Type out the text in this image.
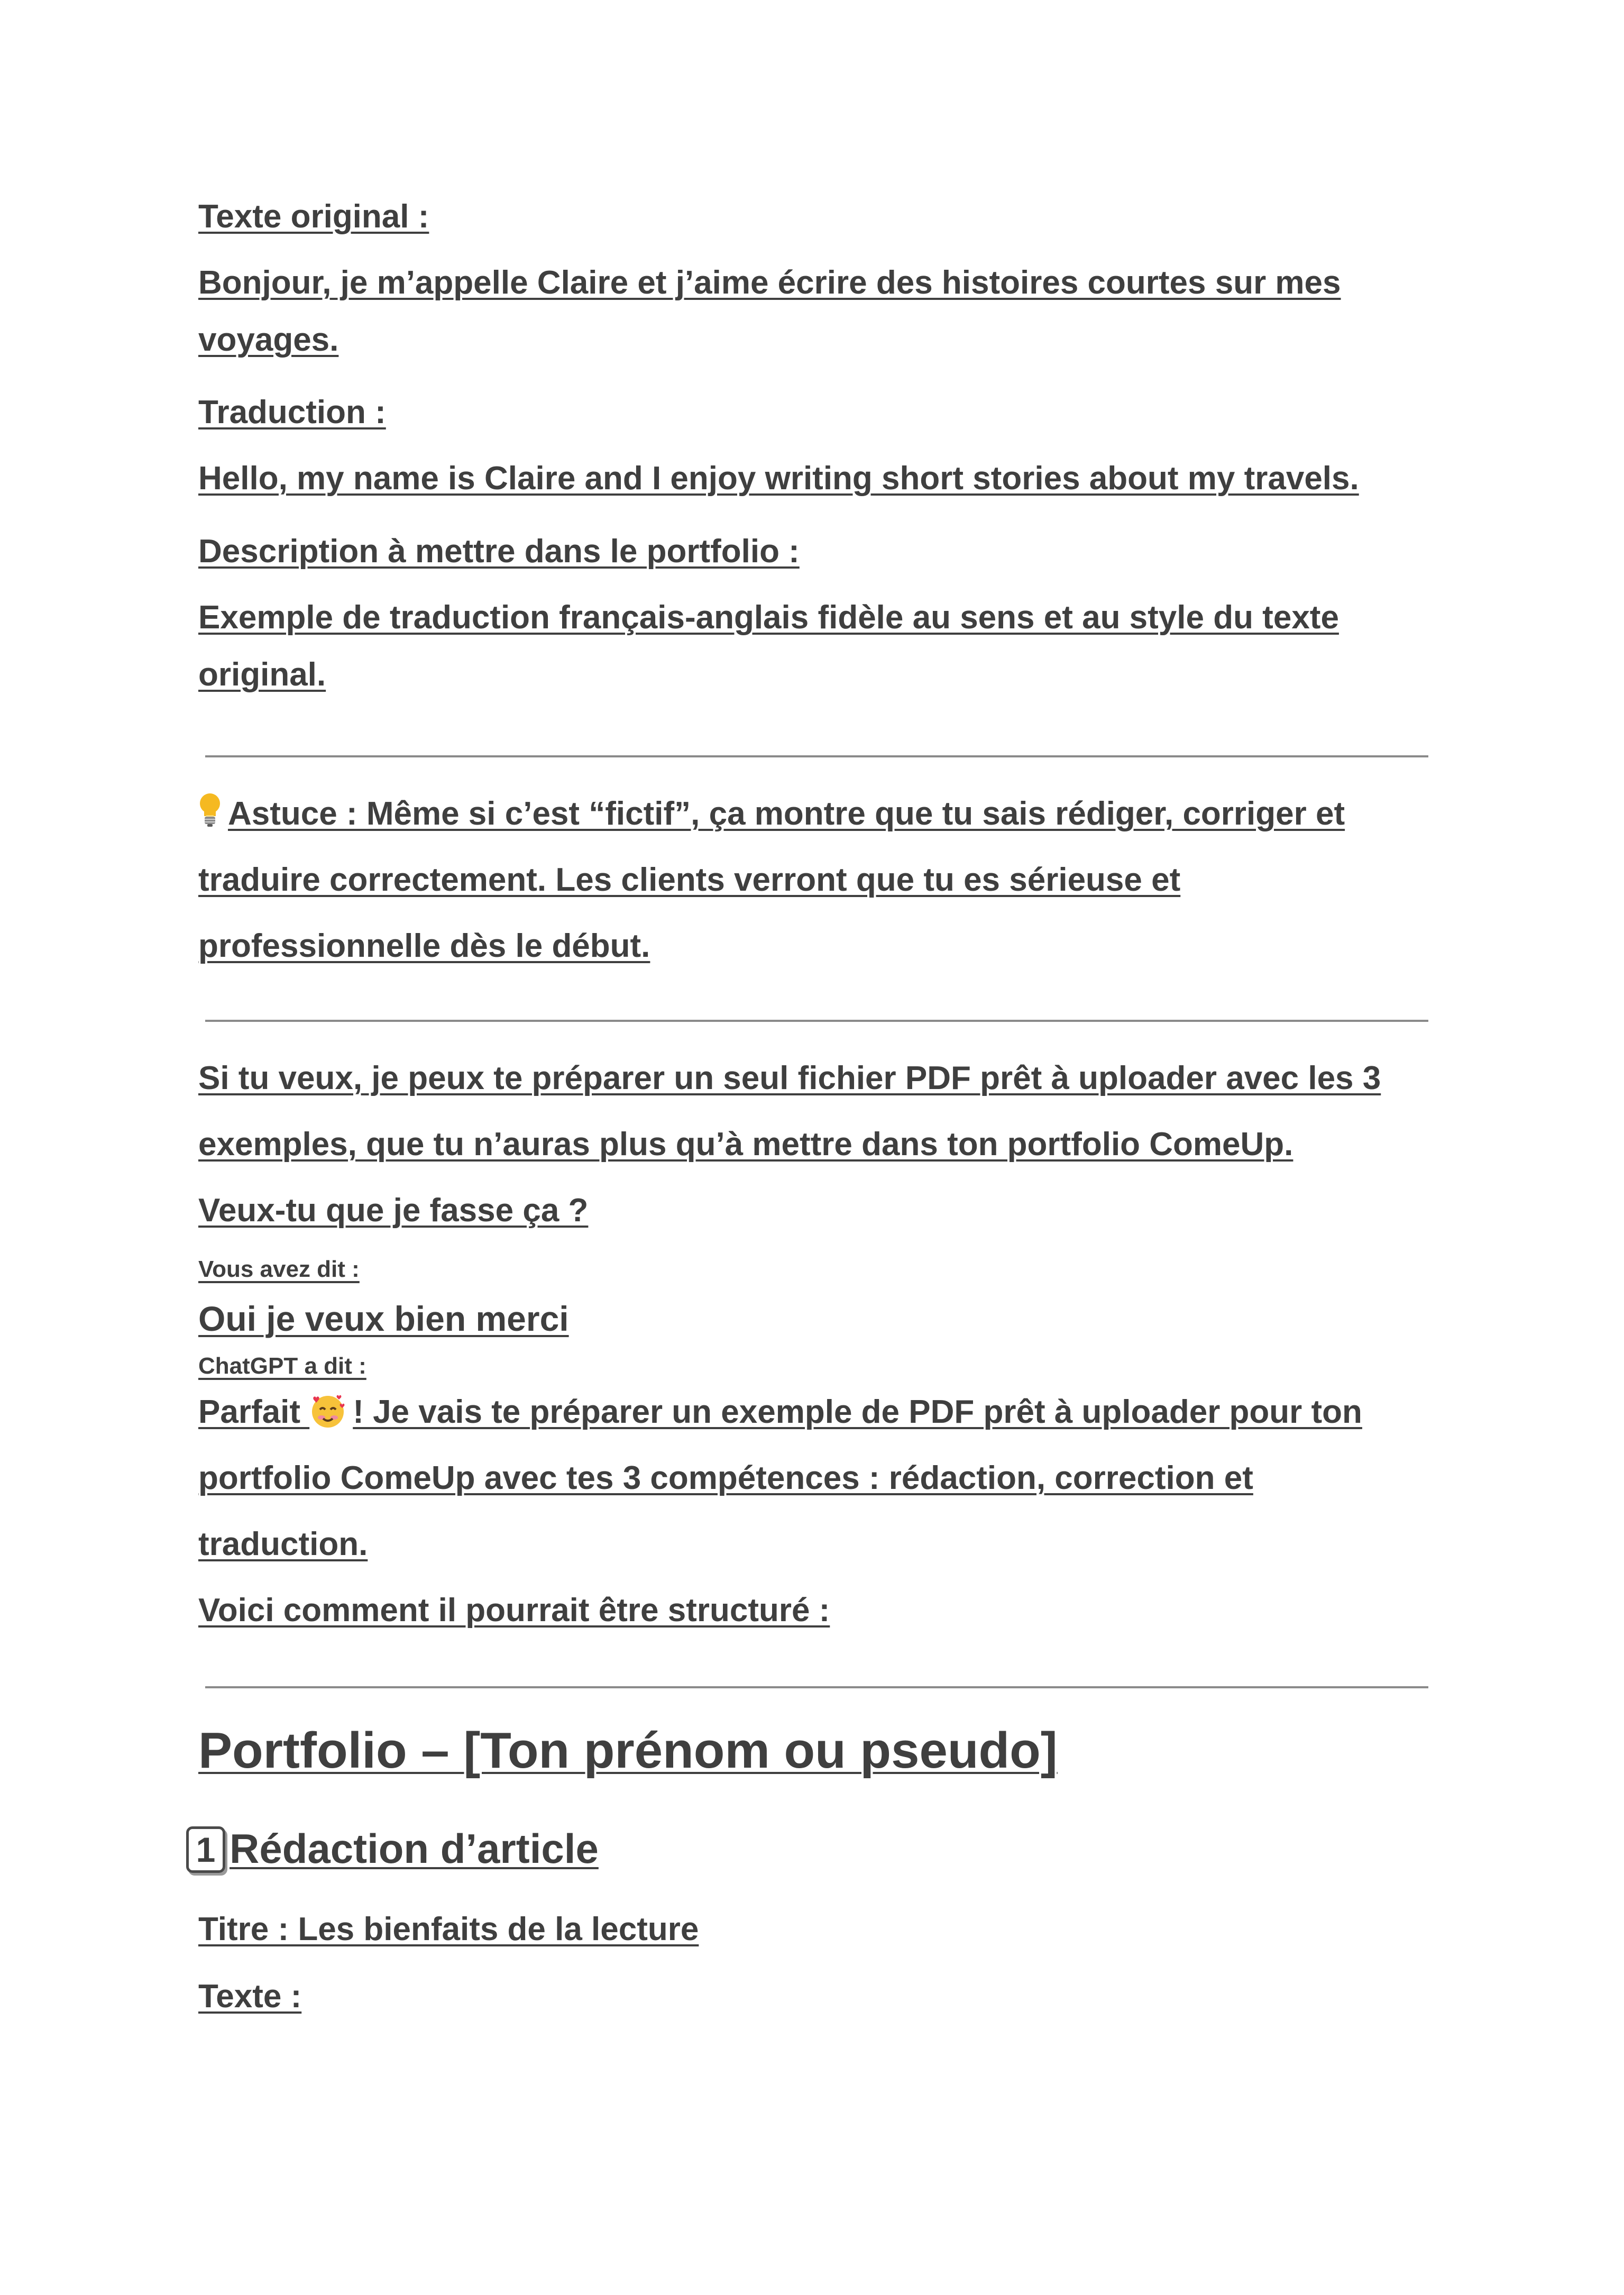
Texte original :

Bonjour, je m’appelle Claire et j’aime écrire des histoires courtes sur mes

voyages.

Traduction :

Hello, my name is Claire and I enjoy writing short stories about my travels.

Description à mettre dans le portfolio :

Exemple de traduction français-anglais fidèle au sens et au style du texte

original.

Astuce : Même si c’est “fictif”, ça montre que tu sais rédiger, corriger et

traduire correctement. Les clients verront que tu es sérieuse et

professionnelle dès le début.

Si tu veux, je peux te préparer un seul fichier PDF prêt à uploader avec les 3

exemples, que tu n’auras plus qu’à mettre dans ton portfolio ComeUp.

Veux‑tu que je fasse ça ?

Vous avez dit :

Oui je veux bien merci

ChatGPT a dit :

Parfait ! Je vais te préparer un exemple de PDF prêt à uploader pour ton

portfolio ComeUp avec tes 3 compétences : rédaction, correction et

traduction.

Voici comment il pourrait être structuré :

Portfolio – [Ton prénom ou pseudo]
1 Rédaction d’article

Titre : Les bienfaits de la lecture

Texte :
